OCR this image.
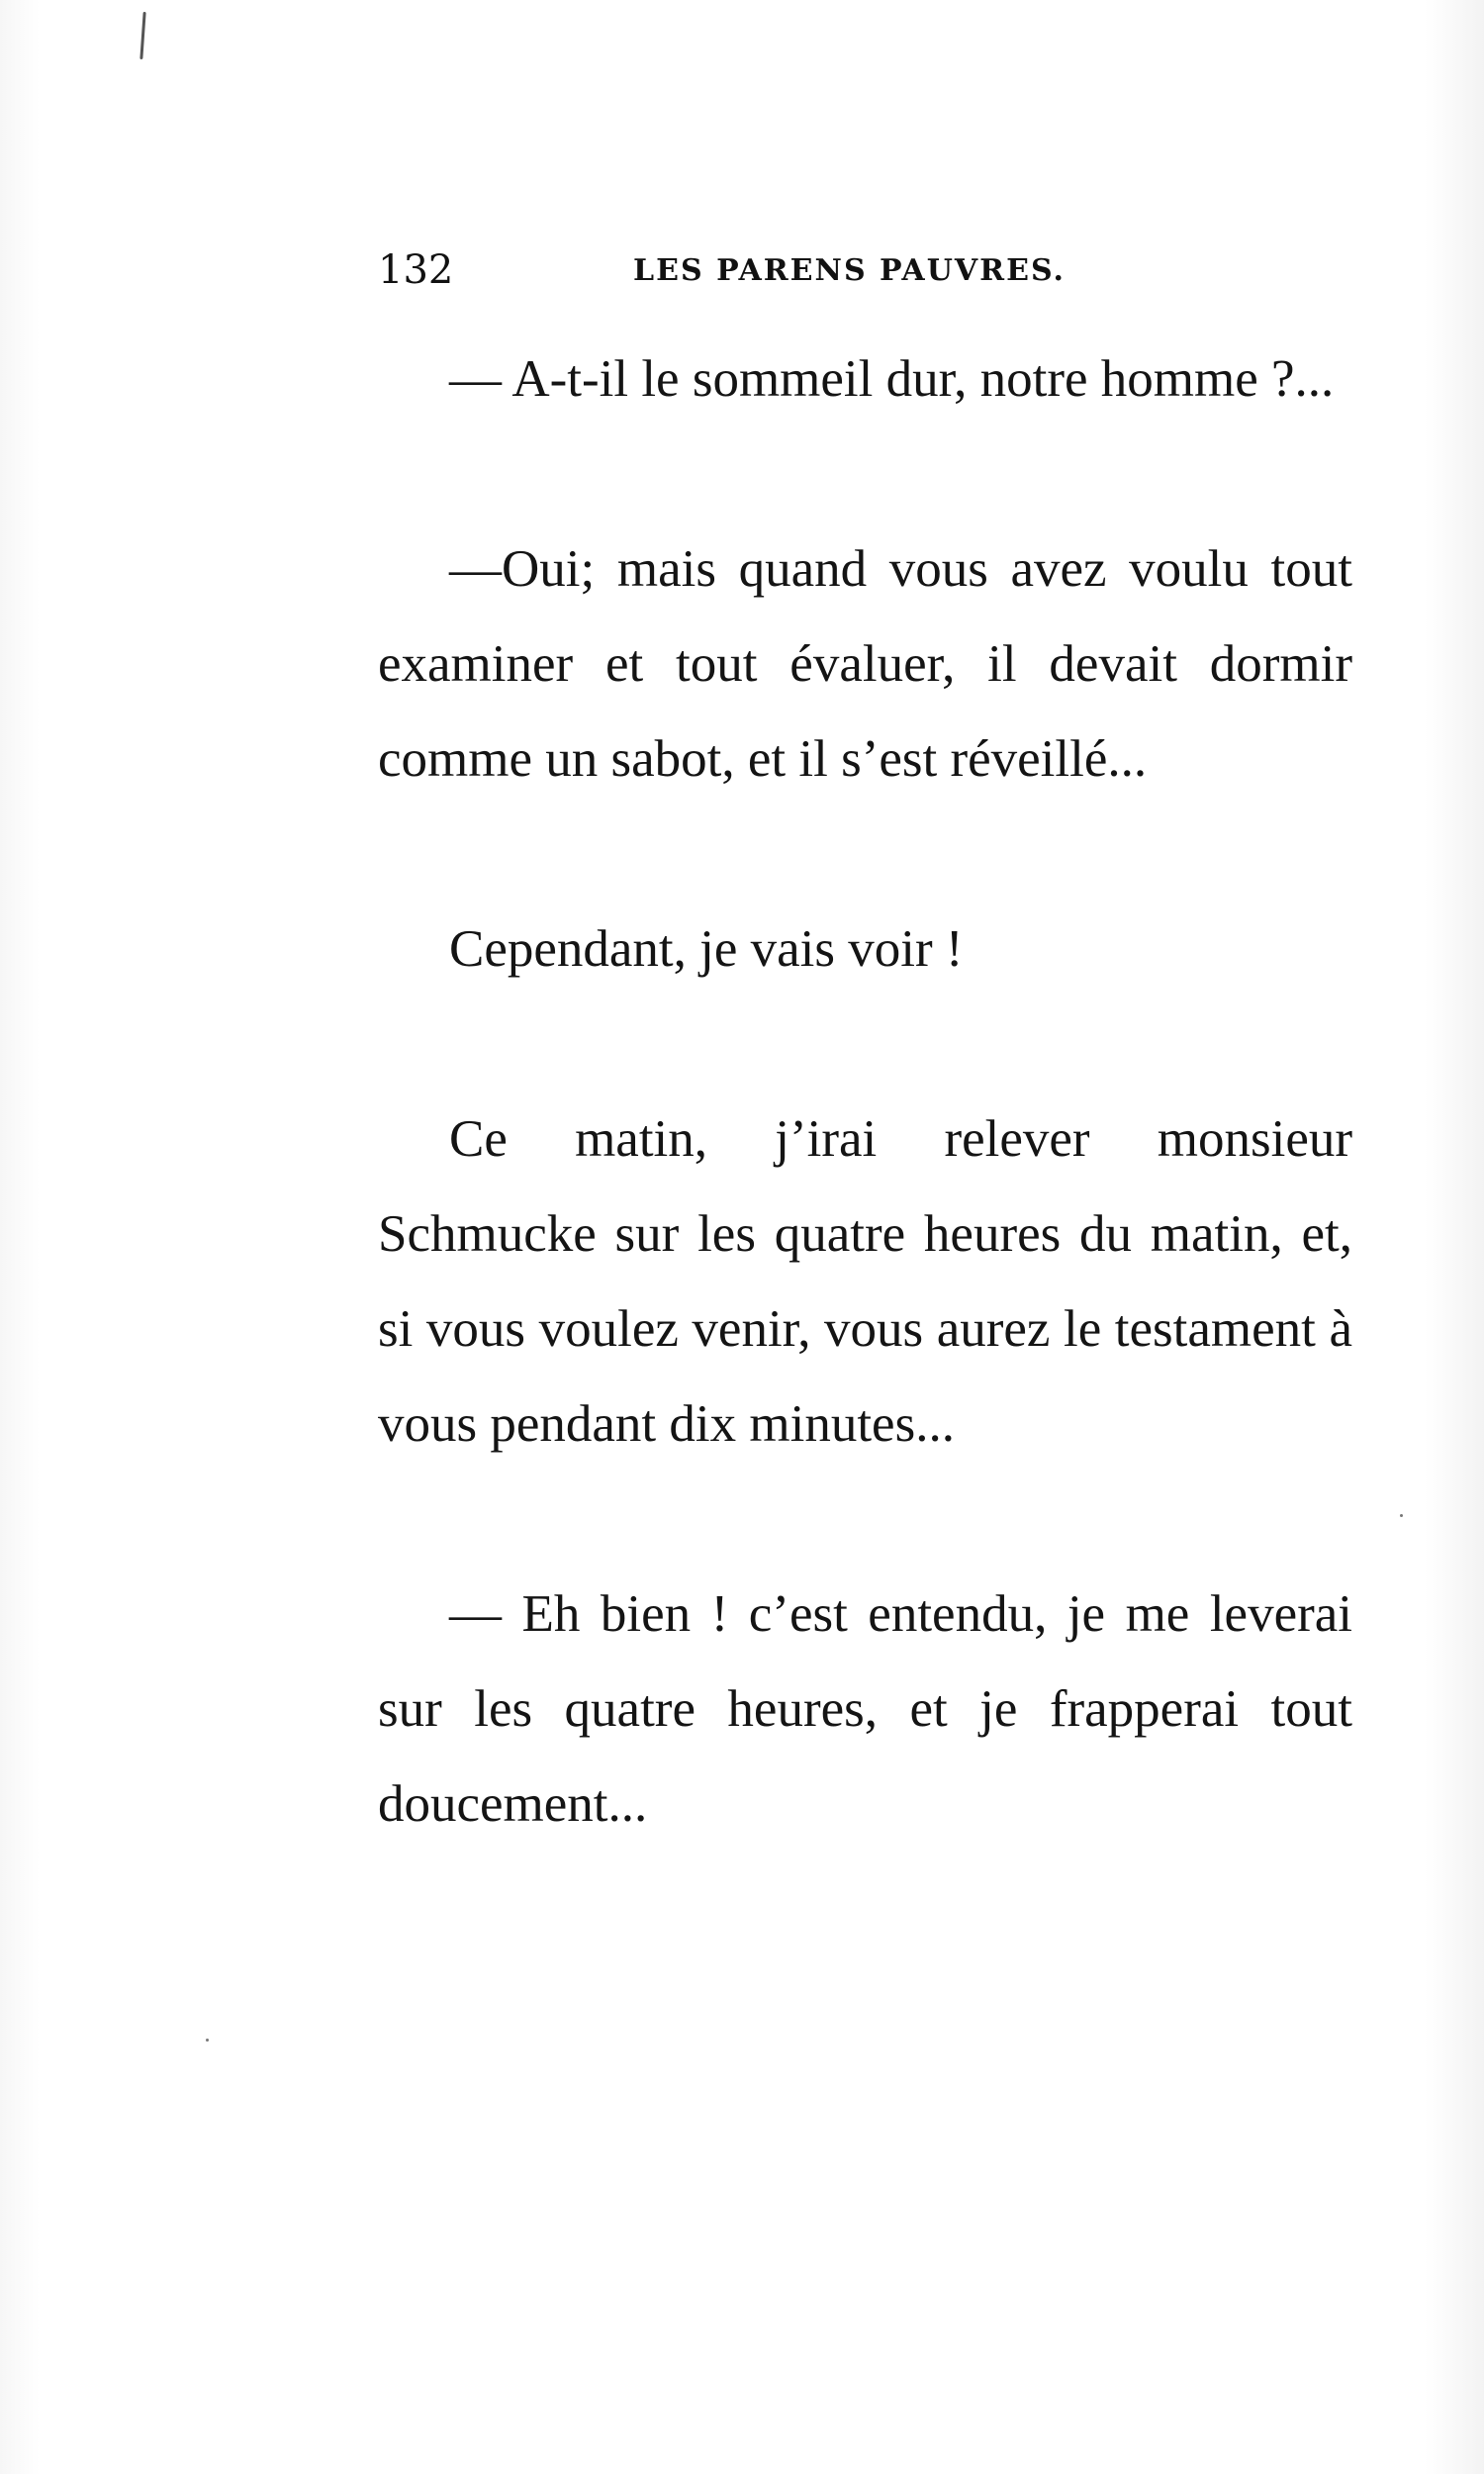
132	LES PARENS PAUVRES.

— A-t-il le sommeil dur, notre homme ?...

—Oui; mais quand vous avez voulu tout examiner et tout évaluer, il devait dormir comme un sabot, et il s’est réveillé...

Cependant, je vais voir !

Ce matin, j’irai relever monsieur Schmucke sur les quatre heures du matin, et, si vous voulez venir, vous aurez le testament à vous pendant dix minutes...

— Eh bien ! c’est entendu, je me leverai sur les quatre heures, et je frapperai tout doucement...
